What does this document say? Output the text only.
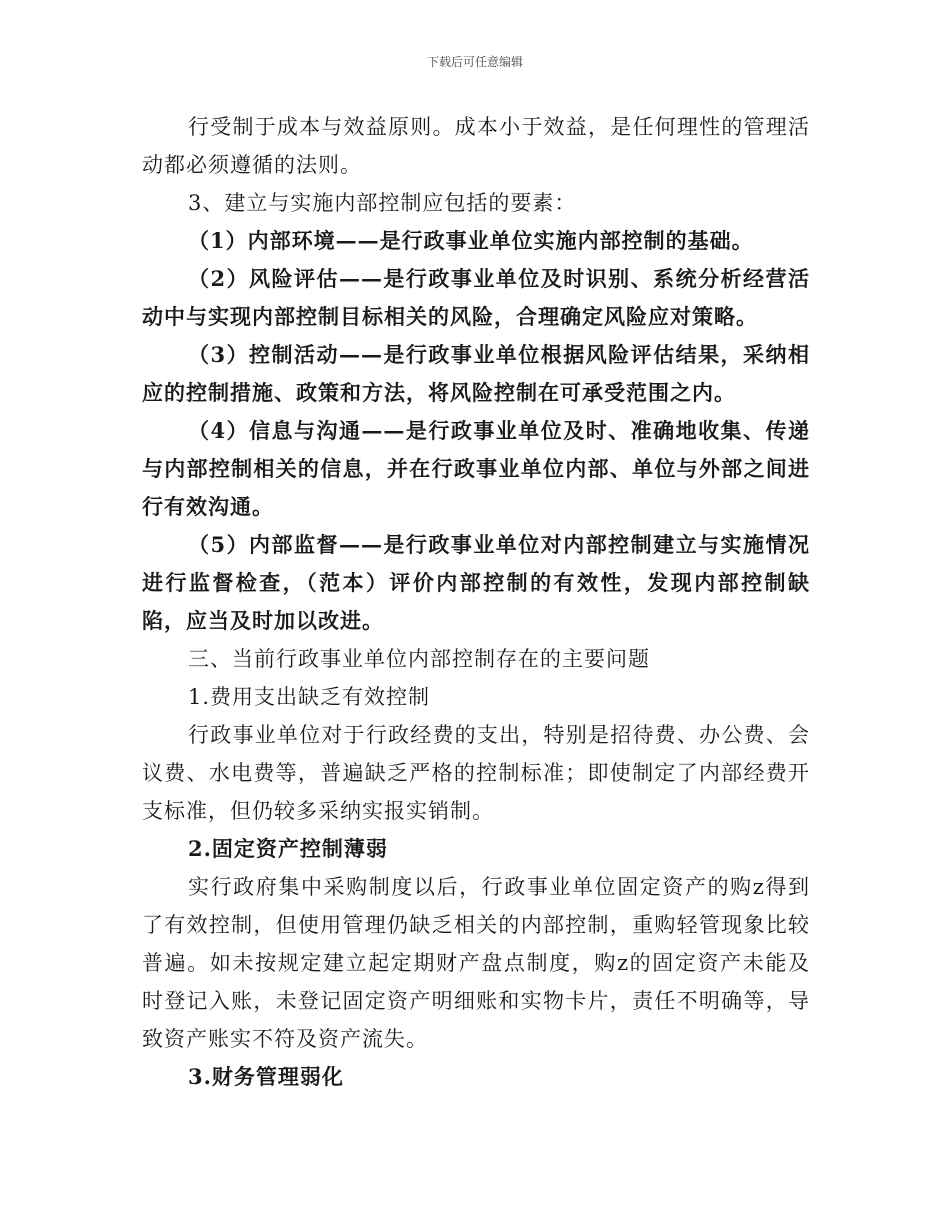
下载后可任意编辑

行受制于成本与效益原则。成本小于效益，是任何理性的管理活动都必须遵循的法则。

3、建立与实施内部控制应包括的要素：

（1）内部环境——是行政事业单位实施内部控制的基础。

（2）风险评估——是行政事业单位及时识别、系统分析经营活动中与实现内部控制目标相关的风险，合理确定风险应对策略。

（3）控制活动——是行政事业单位根据风险评估结果，采纳相应的控制措施、政策和方法，将风险控制在可承受范围之内。

（4）信息与沟通——是行政事业单位及时、准确地收集、传递与内部控制相关的信息，并在行政事业单位内部、单位与外部之间进行有效沟通。

（5）内部监督——是行政事业单位对内部控制建立与实施情况进行监督检查，（范本）评价内部控制的有效性，发现内部控制缺陷，应当及时加以改进。

三、当前行政事业单位内部控制存在的主要问题

1.费用支出缺乏有效控制

行政事业单位对于行政经费的支出，特别是招待费、办公费、会议费、水电费等，普遍缺乏严格的控制标准；即使制定了内部经费开支标准，但仍较多采纳实报实销制。

2.固定资产控制薄弱

实行政府集中采购制度以后，行政事业单位固定资产的购z得到了有效控制，但使用管理仍缺乏相关的内部控制，重购轻管现象比较普遍。如未按规定建立起定期财产盘点制度，购z的固定资产未能及时登记入账，未登记固定资产明细账和实物卡片，责任不明确等，导致资产账实不符及资产流失。

3.财务管理弱化
